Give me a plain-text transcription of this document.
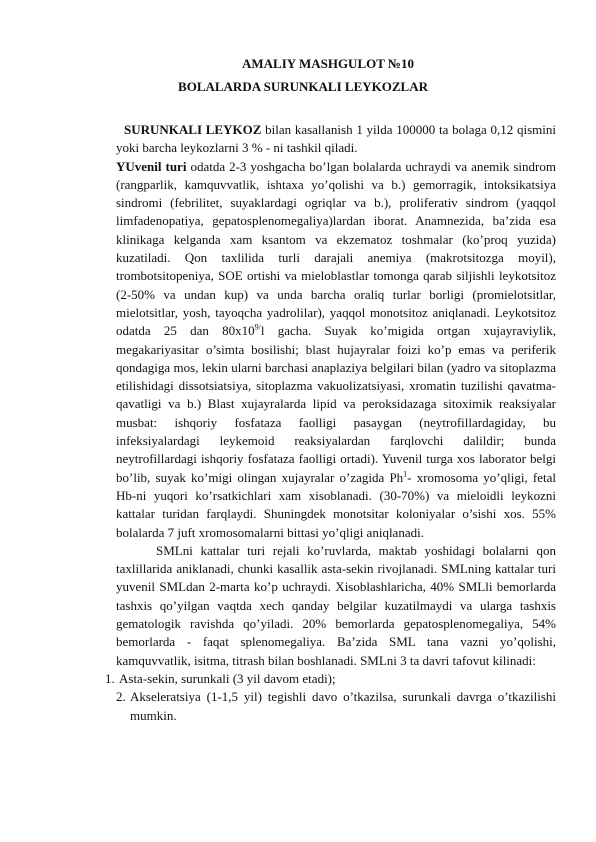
AMALIY MASHGULOT №10
BOLALARDA SURUNKALI LEYKOZLAR

SURUNKALI LEYKOZ bilan kasallanish 1 yilda 100000 ta bolaga 0,12 qismini yoki barcha leykozlarni 3 % - ni tashkil qiladi.

YUvenil turi odatda 2-3 yoshgacha bo’lgan bolalarda uchraydi va anemik sindrom (rangparlik, kamquvvatlik, ishtaxa yo’qolishi va b.) gemorragik, intoksikatsiya sindromi (febrilitet, suyaklardagi ogriqlar va b.), proliferativ sindrom (yaqqol limfadenopatiya, gepatosplenomegaliya)lardan iborat. Anamnezida, ba’zida esa klinikaga kelganda xam ksantom va ekzematoz toshmalar (ko’proq yuzida) kuzatiladi. Qon taxlilida turli darajali anemiya (makrotsitozga moyil), trombotsitopeniya, SOE ortishi va mieloblastlar tomonga qarab siljishli leykotsitoz (2-50% va undan kup) va unda barcha oraliq turlar borligi (promielotsitlar, mielotsitlar, yosh, tayoqcha yadrolilar), yaqqol monotsitoz aniqlanadi. Leykotsitoz odatda 25 dan $80x10^{9/}l$ gacha. Suyak ko’migida ortgan xujayraviylik, megakariyasitar o’simta bosilishi; blast hujayralar foizi ko’p emas va periferik qondagiga mos, lekin ularni barchasi anaplaziya belgilari bilan (yadro va sitoplazma etilishidagi dissotsiatsiya, sitoplazma vakuolizatsiyasi, xromatin tuzilishi qavatma-qavatligi va b.) Blast xujayralarda lipid va peroksidazaga sitoximik reaksiyalar musbat: ishqoriy fosfataza faolligi pasaygan (neytrofillardagiday, bu infeksiyalardagi leykemoid reaksiyalardan farqlovchi dalildir; bunda neytrofillardagi ishqoriy fosfataza faolligi ortadi). Yuvenil turga xos laborator belgi bo’lib, suyak ko’migi olingan xujayralar o’zagida Ph$^1$- xromosoma yo’qligi, fetal Hb-ni yuqori ko’rsatkichlari xam xisoblanadi. (30-70%) va mieloidli leykozni kattalar turidan farqlaydi. Shuningdek monotsitar koloniyalar o’sishi xos. 55% bolalarda 7 juft xromosomalarni bittasi yo’qligi aniqlanadi.

SMLni kattalar turi rejali ko’ruvlarda, maktab yoshidagi bolalarni qon taxlillarida aniklanadi, chunki kasallik asta-sekin rivojlanadi. SMLning kattalar turi yuvenil SMLdan 2-marta ko’p uchraydi. Xisoblashlaricha, 40% SMLli bemorlarda tashxis qo’yilgan vaqtda xech qanday belgilar kuzatilmaydi va ularga tashxis gematologik ravishda qo’yiladi. 20% bemorlarda gepatosplenomegaliya, 54% bemorlarda - faqat splenomegaliya. Ba’zida SML tana vazni yo’qolishi, kamquvvatlik, isitma, titrash bilan boshlanadi. SMLni 3 ta davri tafovut kilinadi:

1. Asta-sekin, surunkali (3 yil davom etadi);
2. Akseleratsiya (1-1,5 yil) tegishli davo o’tkazilsa, surunkali davrga o’tkazilishi mumkin.
